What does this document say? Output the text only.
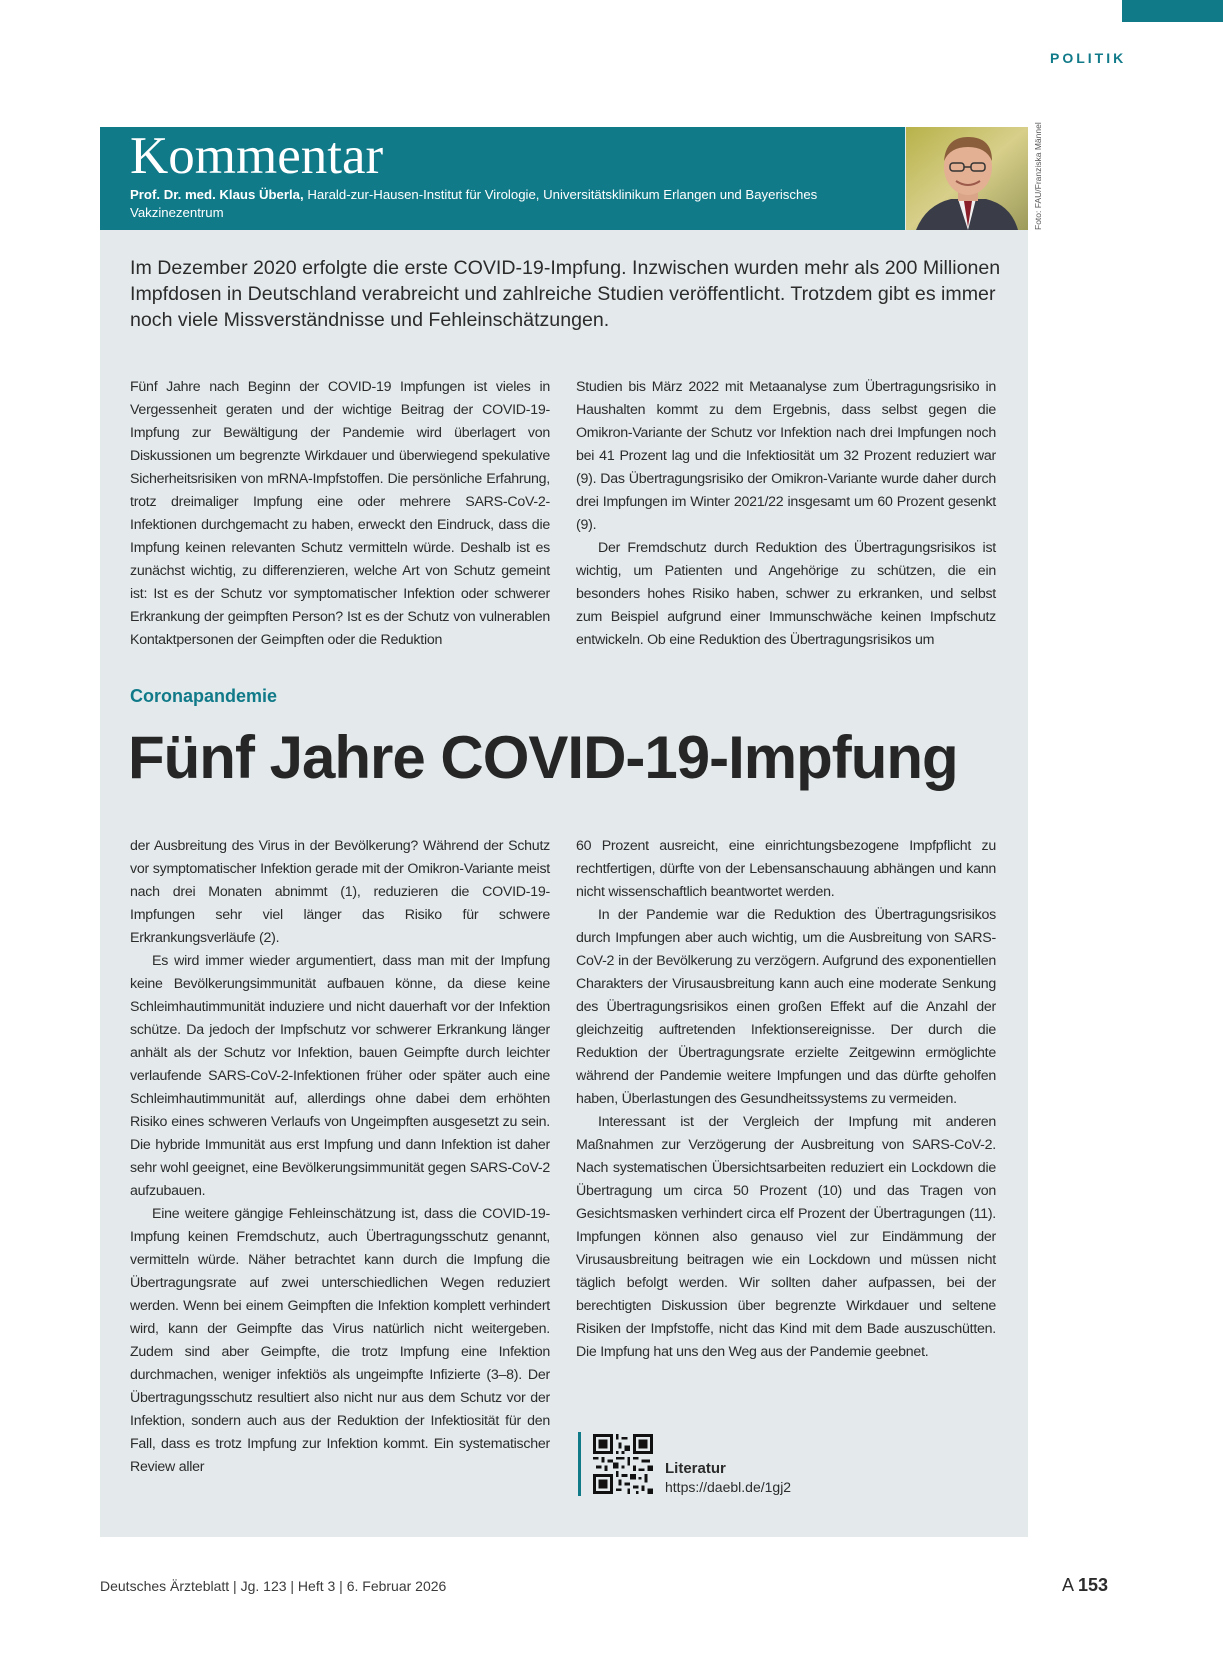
POLITIK
Kommentar
Prof. Dr. med. Klaus Überla, Harald-zur-Hausen-Institut für Virologie, Universitätsklinikum Erlangen und Bayerisches Vakzinezentrum	Foto: FAU/Franziska Männel
Im Dezember 2020 erfolgte die erste COVID-19-Impfung. Inzwischen wurden mehr als 200 Millionen Impfdosen in Deutschland verabreicht und zahlreiche Studien veröffentlicht. Trotzdem gibt es immer noch viele Missverständnisse und Fehleinschätzungen.

Fünf Jahre nach Beginn der COVID-19 Impfungen ist vieles in Vergessenheit geraten und der wichtige Beitrag der COVID-19-Impfung zur Bewältigung der Pandemie wird überlagert von Diskussionen um begrenzte Wirkdauer und überwiegend spekulative Sicherheitsrisiken von mRNA-Impfstoffen. Die persönliche Erfahrung, trotz dreimaliger Impfung eine oder mehrere SARS-CoV-2-Infektionen durchgemacht zu haben, erweckt den Eindruck, dass die Impfung keinen relevanten Schutz vermitteln würde. Deshalb ist es zunächst wichtig, zu differenzieren, welche Art von Schutz gemeint ist: Ist es der Schutz vor symptomatischer Infektion oder schwerer Erkrankung der geimpften Person? Ist es der Schutz von vulnerablen Kontaktpersonen der Geimpften oder die Reduktion

Studien bis März 2022 mit Metaanalyse zum Übertragungsrisiko in Haushalten kommt zu dem Ergebnis, dass selbst gegen die Omikron-Variante der Schutz vor Infektion nach drei Impfungen noch bei 41 Prozent lag und die Infektiosität um 32 Prozent reduziert war (9). Das Übertragungsrisiko der Omikron-Variante wurde daher durch drei Impfungen im Winter 2021/22 insgesamt um 60 Prozent gesenkt (9).

Der Fremdschutz durch Reduktion des Übertragungsrisikos ist wichtig, um Patienten und Angehörige zu schützen, die ein besonders hohes Risiko haben, schwer zu erkranken, und selbst zum Beispiel aufgrund einer Immunschwäche keinen Impfschutz entwickeln. Ob eine Reduktion des Übertragungsrisikos um

Coronapandemie
Fünf Jahre COVID-19-Impfung

der Ausbreitung des Virus in der Bevölkerung? Während der Schutz vor symptomatischer Infektion gerade mit der Omikron-Variante meist nach drei Monaten abnimmt (1), reduzieren die COVID-19-Impfungen sehr viel länger das Risiko für schwere Erkrankungsverläufe (2).

Es wird immer wieder argumentiert, dass man mit der Impfung keine Bevölkerungsimmunität aufbauen könne, da diese keine Schleimhautimmunität induziere und nicht dauerhaft vor der Infektion schütze. Da jedoch der Impfschutz vor schwerer Erkrankung länger anhält als der Schutz vor Infektion, bauen Geimpfte durch leichter verlaufende SARS-CoV-2-Infektionen früher oder später auch eine Schleimhautimmunität auf, allerdings ohne dabei dem erhöhten Risiko eines schweren Verlaufs von Ungeimpften ausgesetzt zu sein. Die hybride Immunität aus erst Impfung und dann Infektion ist daher sehr wohl geeignet, eine Bevölkerungsimmunität gegen SARS-CoV-2 aufzubauen.

Eine weitere gängige Fehleinschätzung ist, dass die COVID-19-Impfung keinen Fremdschutz, auch Übertragungsschutz genannt, vermitteln würde. Näher betrachtet kann durch die Impfung die Übertragungsrate auf zwei unterschiedlichen Wegen reduziert werden. Wenn bei einem Geimpften die Infektion komplett verhindert wird, kann der Geimpfte das Virus natürlich nicht weitergeben. Zudem sind aber Geimpfte, die trotz Impfung eine Infektion durchmachen, weniger infektiös als ungeimpfte Infizierte (3–8). Der Übertragungsschutz resultiert also nicht nur aus dem Schutz vor der Infektion, sondern auch aus der Reduktion der Infektiosität für den Fall, dass es trotz Impfung zur Infektion kommt. Ein systematischer Review aller

60 Prozent ausreicht, eine einrichtungsbezogene Impfpflicht zu rechtfertigen, dürfte von der Lebensanschauung abhängen und kann nicht wissenschaftlich beantwortet werden.

In der Pandemie war die Reduktion des Übertragungsrisikos durch Impfungen aber auch wichtig, um die Ausbreitung von SARS-CoV-2 in der Bevölkerung zu verzögern. Aufgrund des exponentiellen Charakters der Virusausbreitung kann auch eine moderate Senkung des Übertragungsrisikos einen großen Effekt auf die Anzahl der gleichzeitig auftretenden Infektionsereignisse. Der durch die Reduktion der Übertragungsrate erzielte Zeitgewinn ermöglichte während der Pandemie weitere Impfungen und das dürfte geholfen haben, Überlastungen des Gesundheitssystems zu vermeiden.

Interessant ist der Vergleich der Impfung mit anderen Maßnahmen zur Verzögerung der Ausbreitung von SARS-CoV-2. Nach systematischen Übersichtsarbeiten reduziert ein Lockdown die Übertragung um circa 50 Prozent (10) und das Tragen von Gesichtsmasken verhindert circa elf Prozent der Übertragungen (11). Impfungen können also genauso viel zur Eindämmung der Virusausbreitung beitragen wie ein Lockdown und müssen nicht täglich befolgt werden. Wir sollten daher aufpassen, bei der berechtigten Diskussion über begrenzte Wirkdauer und seltene Risiken der Impfstoffe, nicht das Kind mit dem Bade auszuschütten. Die Impfung hat uns den Weg aus der Pandemie geebnet.

Literatur
https://daebl.de/1gj2
Deutsches Ärzteblatt | Jg. 123 | Heft 3 | 6. Februar 2026	A 153
